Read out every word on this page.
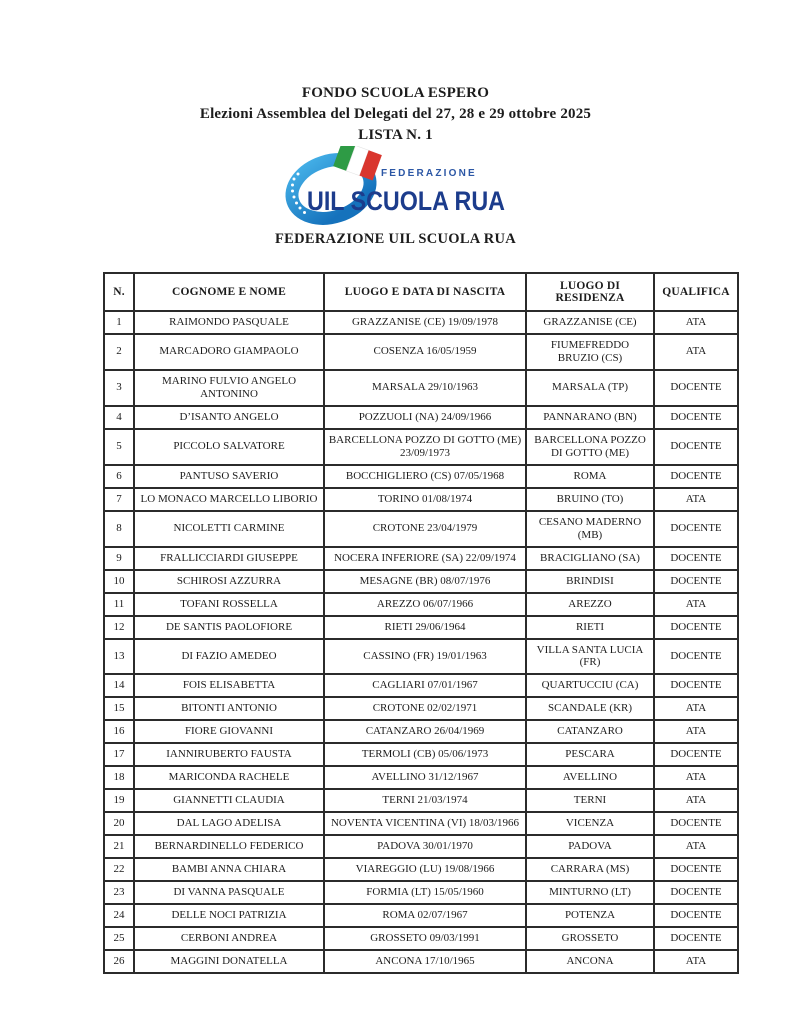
FONDO SCUOLA ESPERO
Elezioni Assemblea del Delegati del 27, 28 e 29 ottobre 2025
LISTA N. 1
FEDERAZIONE
UIL SCUOLA RUA
FEDERAZIONE UIL SCUOLA RUA
N.	COGNOME E NOME	LUOGO E DATA DI NASCITA	LUOGO DI RESIDENZA	QUALIFICA
1	RAIMONDO PASQUALE	GRAZZANISE (CE) 19/09/1978	GRAZZANISE (CE)	ATA
2	MARCADORO GIAMPAOLO	COSENZA 16/05/1959	FIUMEFREDDO BRUZIO (CS)	ATA
3	MARINO FULVIO ANGELO ANTONINO	MARSALA 29/10/1963	MARSALA (TP)	DOCENTE
4	D’ISANTO ANGELO	POZZUOLI (NA) 24/09/1966	PANNARANO (BN)	DOCENTE
5	PICCOLO SALVATORE	BARCELLONA POZZO DI GOTTO (ME) 23/09/1973	BARCELLONA POZZO DI GOTTO (ME)	DOCENTE
6	PANTUSO SAVERIO	BOCCHIGLIERO (CS) 07/05/1968	ROMA	DOCENTE
7	LO MONACO MARCELLO LIBORIO	TORINO 01/08/1974	BRUINO (TO)	ATA
8	NICOLETTI CARMINE	CROTONE 23/04/1979	CESANO MADERNO (MB)	DOCENTE
9	FRALLICCIARDI GIUSEPPE	NOCERA INFERIORE (SA) 22/09/1974	BRACIGLIANO (SA)	DOCENTE
10	SCHIROSI AZZURRA	MESAGNE (BR) 08/07/1976	BRINDISI	DOCENTE
11	TOFANI ROSSELLA	AREZZO 06/07/1966	AREZZO	ATA
12	DE SANTIS PAOLOFIORE	RIETI 29/06/1964	RIETI	DOCENTE
13	DI FAZIO AMEDEO	CASSINO (FR) 19/01/1963	VILLA SANTA LUCIA (FR)	DOCENTE
14	FOIS ELISABETTA	CAGLIARI 07/01/1967	QUARTUCCIU (CA)	DOCENTE
15	BITONTI ANTONIO	CROTONE 02/02/1971	SCANDALE (KR)	ATA
16	FIORE GIOVANNI	CATANZARO 26/04/1969	CATANZARO	ATA
17	IANNIRUBERTO FAUSTA	TERMOLI (CB) 05/06/1973	PESCARA	DOCENTE
18	MARICONDA RACHELE	AVELLINO 31/12/1967	AVELLINO	ATA
19	GIANNETTI CLAUDIA	TERNI 21/03/1974	TERNI	ATA
20	DAL LAGO ADELISA	NOVENTA VICENTINA (VI) 18/03/1966	VICENZA	DOCENTE
21	BERNARDINELLO FEDERICO	PADOVA 30/01/1970	PADOVA	ATA
22	BAMBI ANNA CHIARA	VIAREGGIO (LU) 19/08/1966	CARRARA (MS)	DOCENTE
23	DI VANNA PASQUALE	FORMIA (LT) 15/05/1960	MINTURNO (LT)	DOCENTE
24	DELLE NOCI PATRIZIA	ROMA 02/07/1967	POTENZA	DOCENTE
25	CERBONI ANDREA	GROSSETO 09/03/1991	GROSSETO	DOCENTE
26	MAGGINI DONATELLA	ANCONA 17/10/1965	ANCONA	ATA
